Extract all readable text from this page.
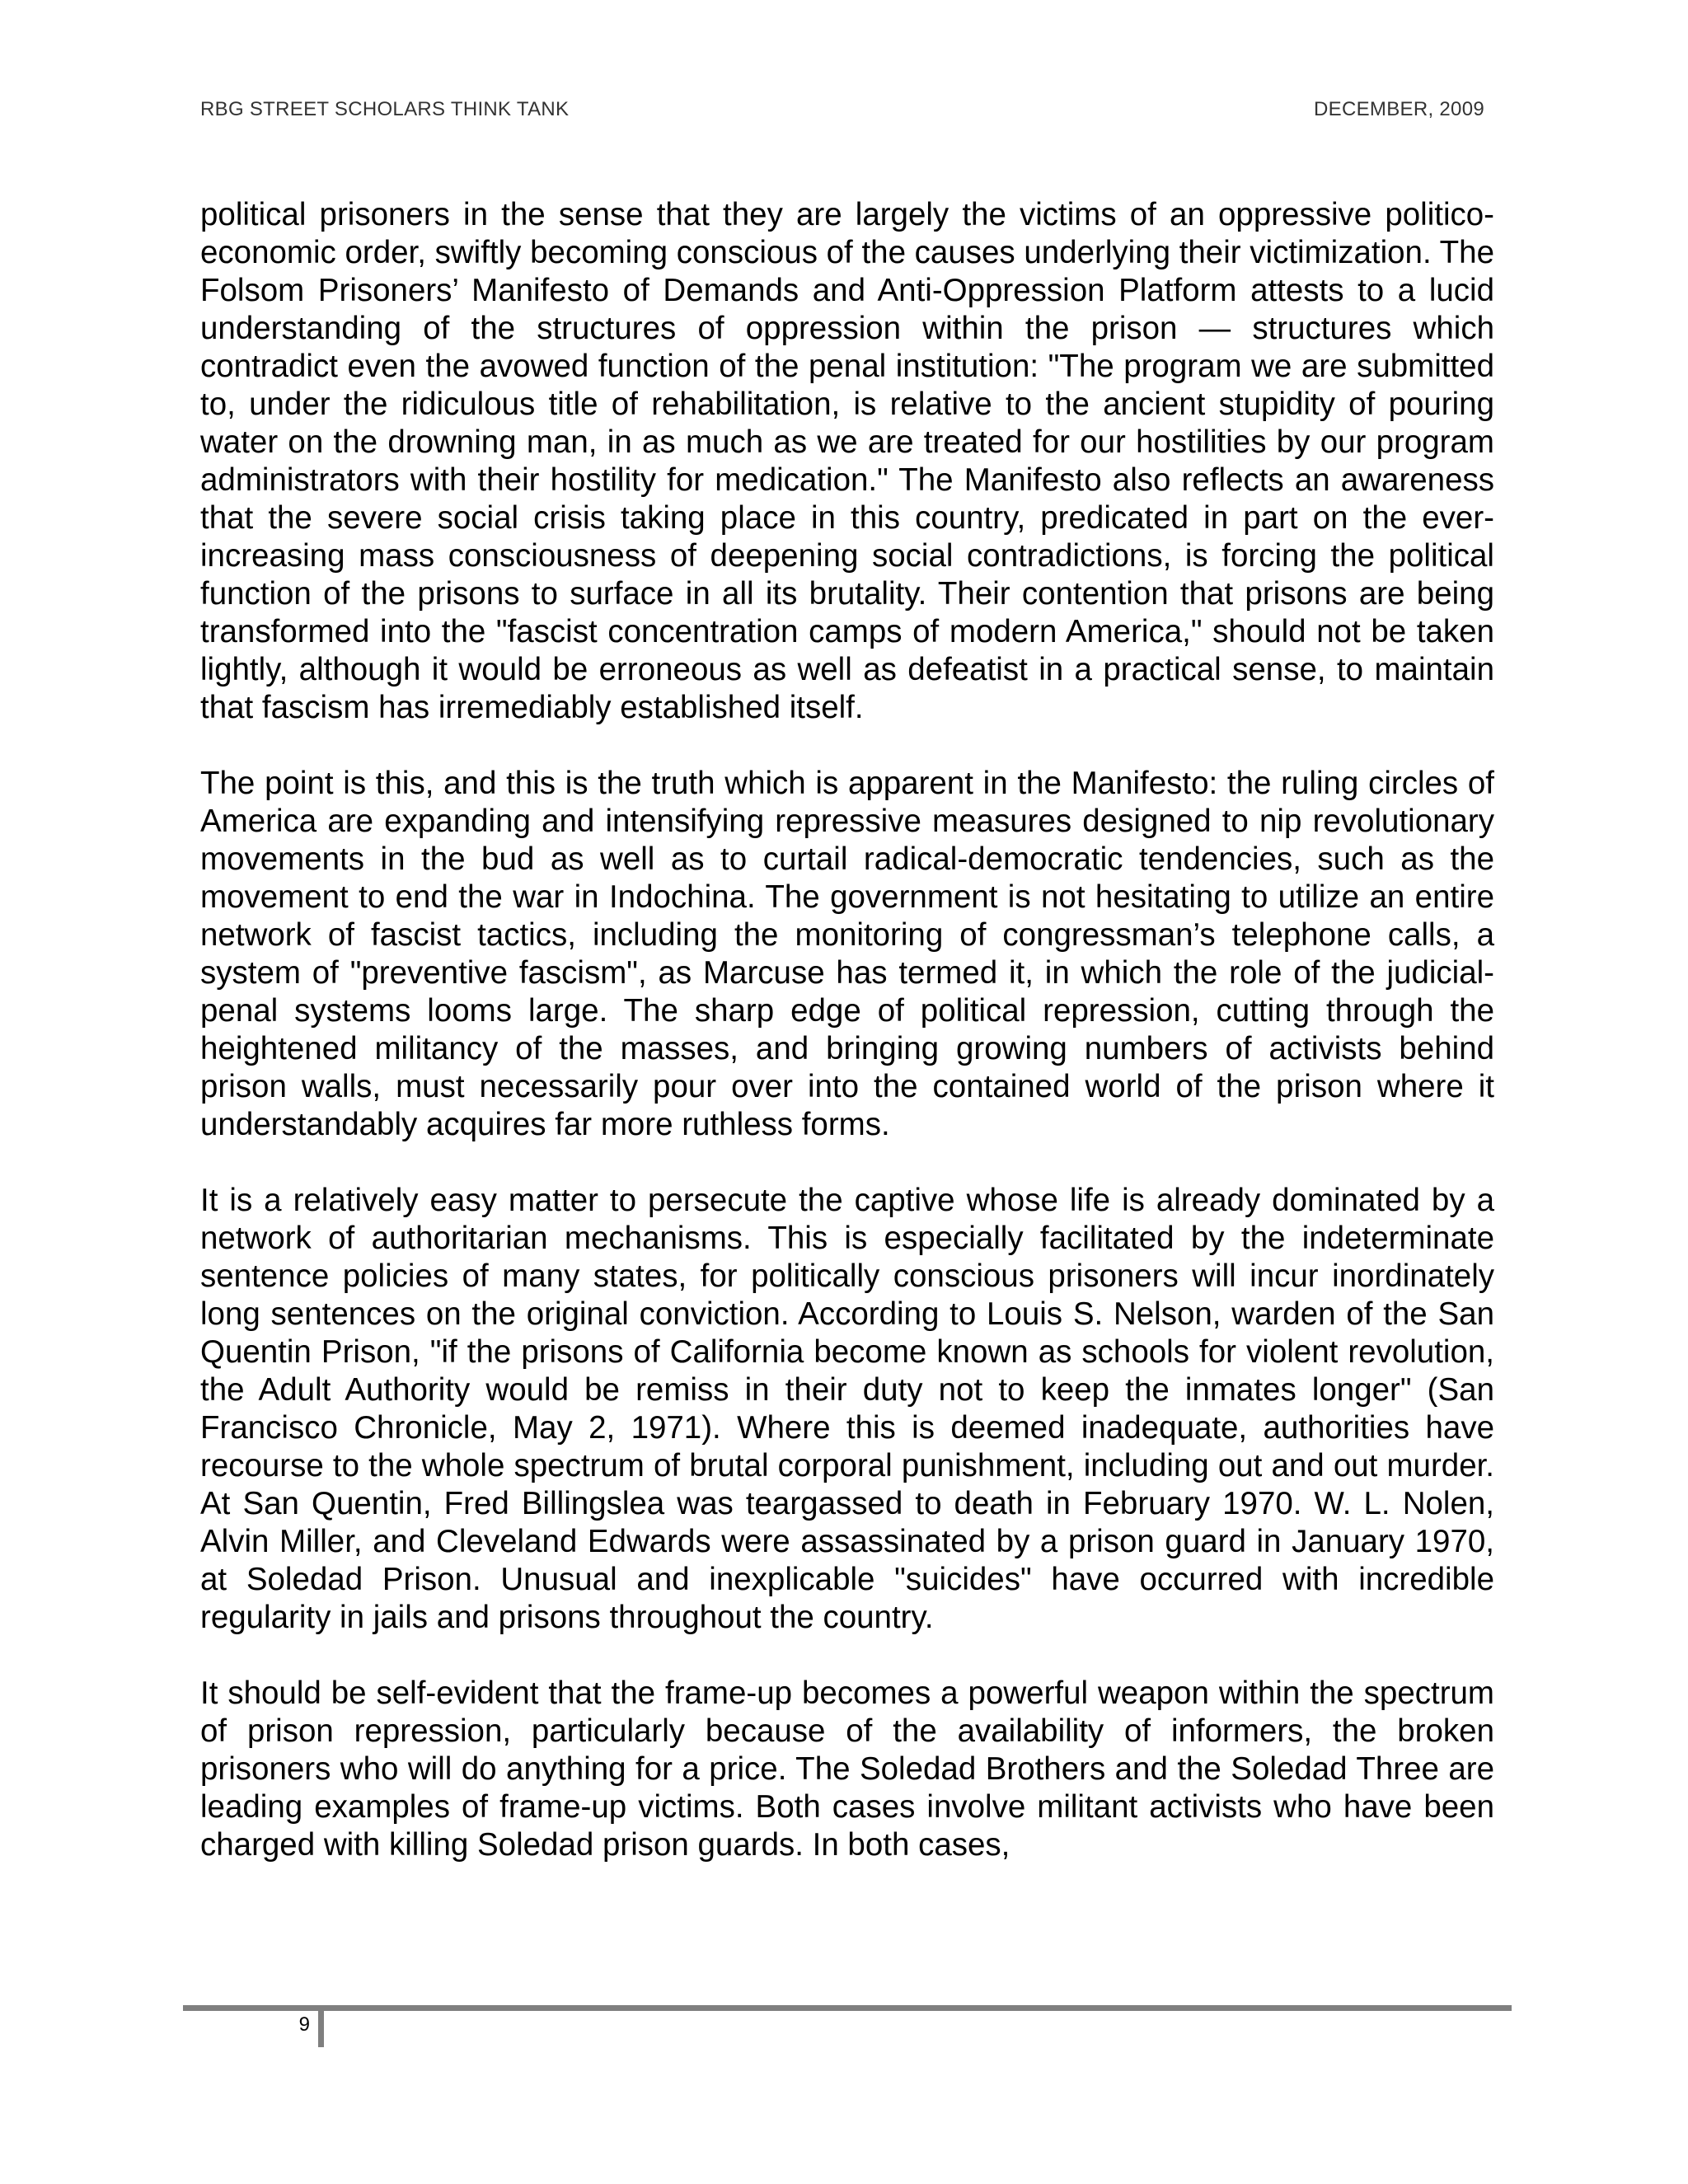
RBG STREET SCHOLARS THINK TANK	DECEMBER, 2009

political prisoners in the sense that they are largely the victims of an oppressive politico-economic order, swiftly becoming conscious of the causes underlying their victimization. The Folsom Prisoners’ Manifesto of Demands and Anti-Oppression Platform attests to a lucid understanding of the structures of oppression within the prison — structures which contradict even the avowed function of the penal institution: "The program we are submitted to, under the ridiculous title of rehabilitation, is relative to the ancient stupidity of pouring water on the drowning man, in as much as we are treated for our hostilities by our program administrators with their hostility for medication." The Manifesto also reflects an awareness that the severe social crisis taking place in this country, predicated in part on the ever-increasing mass consciousness of deepening social contradictions, is forcing the political function of the prisons to surface in all its brutality. Their contention that prisons are being transformed into the "fascist concentration camps of modern America," should not be taken lightly, although it would be erroneous as well as defeatist in a practical sense, to maintain that fascism has irremediably established itself.

The point is this, and this is the truth which is apparent in the Manifesto: the ruling circles of America are expanding and intensifying repressive measures designed to nip revolutionary movements in the bud as well as to curtail radical-democratic tendencies, such as the movement to end the war in Indochina. The government is not hesitating to utilize an entire network of fascist tactics, including the monitoring of congressman’s telephone calls, a system of "preventive fascism", as Marcuse has termed it, in which the role of the judicial-penal systems looms large. The sharp edge of political repression, cutting through the heightened militancy of the masses, and bringing growing numbers of activists behind prison walls, must necessarily pour over into the contained world of the prison where it understandably acquires far more ruthless forms.

It is a relatively easy matter to persecute the captive whose life is already dominated by a network of authoritarian mechanisms. This is especially facilitated by the indeterminate sentence policies of many states, for politically conscious prisoners will incur inordinately long sentences on the original conviction. According to Louis S. Nelson, warden of the San Quentin Prison, "if the prisons of California become known as schools for violent revolution, the Adult Authority would be remiss in their duty not to keep the inmates longer" (San Francisco Chronicle, May 2, 1971). Where this is deemed inadequate, authorities have recourse to the whole spectrum of brutal corporal punishment, including out and out murder. At San Quentin, Fred Billingslea was teargassed to death in February 1970. W. L. Nolen, Alvin Miller, and Cleveland Edwards were assassinated by a prison guard in January 1970, at Soledad Prison. Unusual and inexplicable "suicides" have occurred with incredible regularity in jails and prisons throughout the country.

It should be self-evident that the frame-up becomes a powerful weapon within the spectrum of prison repression, particularly because of the availability of informers, the broken prisoners who will do anything for a price. The Soledad Brothers and the Soledad Three are leading examples of frame-up victims. Both cases involve militant activists who have been charged with killing Soledad prison guards. In both cases,

9
